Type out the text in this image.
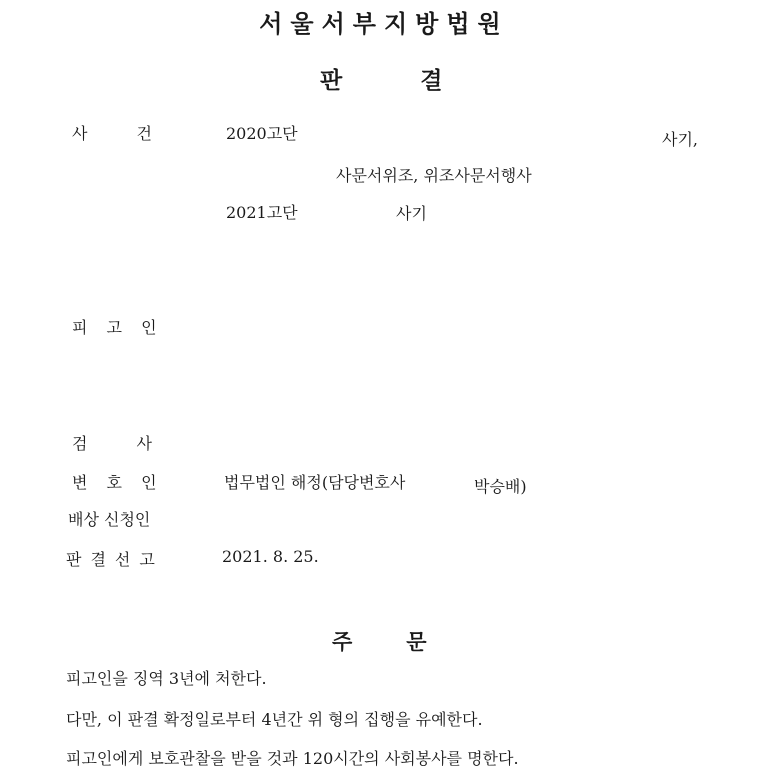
서울서부지방법원
판	결
사 건	2020고단	사기,
사문서위조, 위조사문서행사
2021고단	사기
피 고 인
검 사
변 호 인	법무법인 해정(담당변호사	박승배)
배상 신청인
판결선고	2021. 8. 25.
주	문
피고인을 징역 3년에 처한다.
다만, 이 판결 확정일로부터 4년간 위 형의 집행을 유예한다.
피고인에게 보호관찰을 받을 것과 120시간의 사회봉사를 명한다.
